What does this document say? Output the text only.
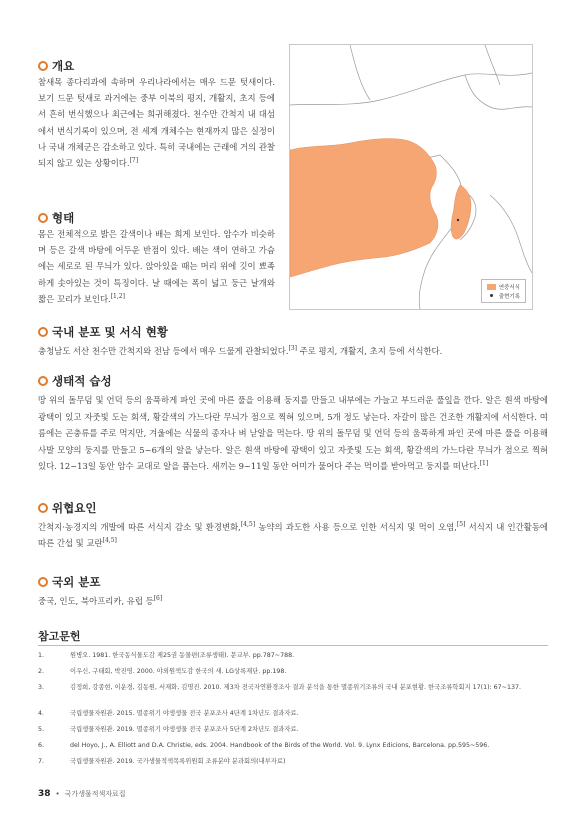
개요

참새목 종다리과에 속하며 우리나라에서는 매우 드문 텃새이다. 보기 드문 텃새로 과거에는 중부 이북의 평지, 개활지, 초지 등에서 흔히 번식했으나 최근에는 희귀해졌다. 천수만 간척지 내 대섬에서 번식기록이 있으며, 전 세계 개체수는 현재까지 많은 실정이나 국내 개체군은 감소하고 있다. 특히 국내에는 근래에 거의 관찰되지 않고 있는 상황이다.[7]

형태

몸은 전체적으로 밝은 갈색이나 배는 희게 보인다. 암수가 비슷하며 등은 갈색 바탕에 어두운 반점이 있다. 배는 색이 연하고 가슴에는 세로로 된 무늬가 있다. 앉아있을 때는 머리 위에 깃이 뾰족하게 솟아있는 것이 특징이다. 날 때에는 폭이 넓고 둥근 날개와 짧은 꼬리가 보인다.[1,2]

연중서식
출현기록
국내 분포 및 서식 현황

충청남도 서산 천수만 간척지와 전남 등에서 매우 드물게 관찰되었다.[3] 주로 평지, 개활지, 초지 등에 서식한다.

생태적 습성

땅 위의 돌무덤 및 언덕 등의 움푹하게 파인 곳에 마른 풀을 이용해 둥지를 만들고 내부에는 가늘고 부드러운 풀잎을 깐다. 알은 흰색 바탕에 광택이 있고 자줏빛 도는 회색, 황갈색의 가느다란 무늬가 점으로 찍혀 있으며, 5개 정도 낳는다. 자갈이 많은 건조한 개활지에 서식한다. 여름에는 곤충류를 주로 먹지만, 겨울에는 식물의 종자나 벼 낟알을 먹는다. 땅 위의 돌무덤 및 언덕 등의 움푹하게 파인 곳에 마른 풀을 이용해 사발 모양의 둥지를 만들고 5~6개의 알을 낳는다. 알은 흰색 바탕에 광택이 있고 자줏빛 도는 회색, 황갈색의 가느다란 무늬가 점으로 찍혀 있다. 12~13일 동안 암수 교대로 알을 품는다. 새끼는 9~11일 동안 어미가 물어다 주는 먹이를 받아먹고 둥지를 떠난다.[1]

위협요인

간척지·농경지의 개발에 따른 서식지 감소 및 환경변화,[4,5] 농약의 과도한 사용 등으로 인한 서식지 및 먹이 오염,[5] 서식지 내 인간활동에 따른 간섭 및 교란[4,5]

국외 분포

중국, 인도, 북아프리카, 유럽 등[6]

참고문헌
1.	원병오. 1981. 한국동식물도감 제25권 동물편(조류생태). 문교부. pp.787~788.
2.	이우신, 구태회, 박진영. 2000. 야외원색도감 한국의 새. LG상록재단. pp.198.
3.	김정희, 강종현, 이운경, 김동원, 서재화, 김명진. 2010. 제3차 전국자연환경조사 결과 분석을 통한 멸종위기조류의 국내 분포현황. 한국조류학회지 17(1): 67~137.
4.	국립생물자원관. 2015. 멸종위기 야생생물 전국 분포조사 4단계 1차년도 결과자료.
5.	국립생물자원관. 2019. 멸종위기 야생생물 전국 분포조사 5단계 2차년도 결과자료.
6.	del Hoyo, J., A. Elliott and D.A. Christie, eds. 2004. Handbook of the Birds of the World. Vol. 9. Lynx Edicions, Barcelona. pp.595~596.
7.	국립생물자원관. 2019. 국가생물적색목록위원회 조류분야 분과회의(내부자료)
38 • 국가생물적색자료집
